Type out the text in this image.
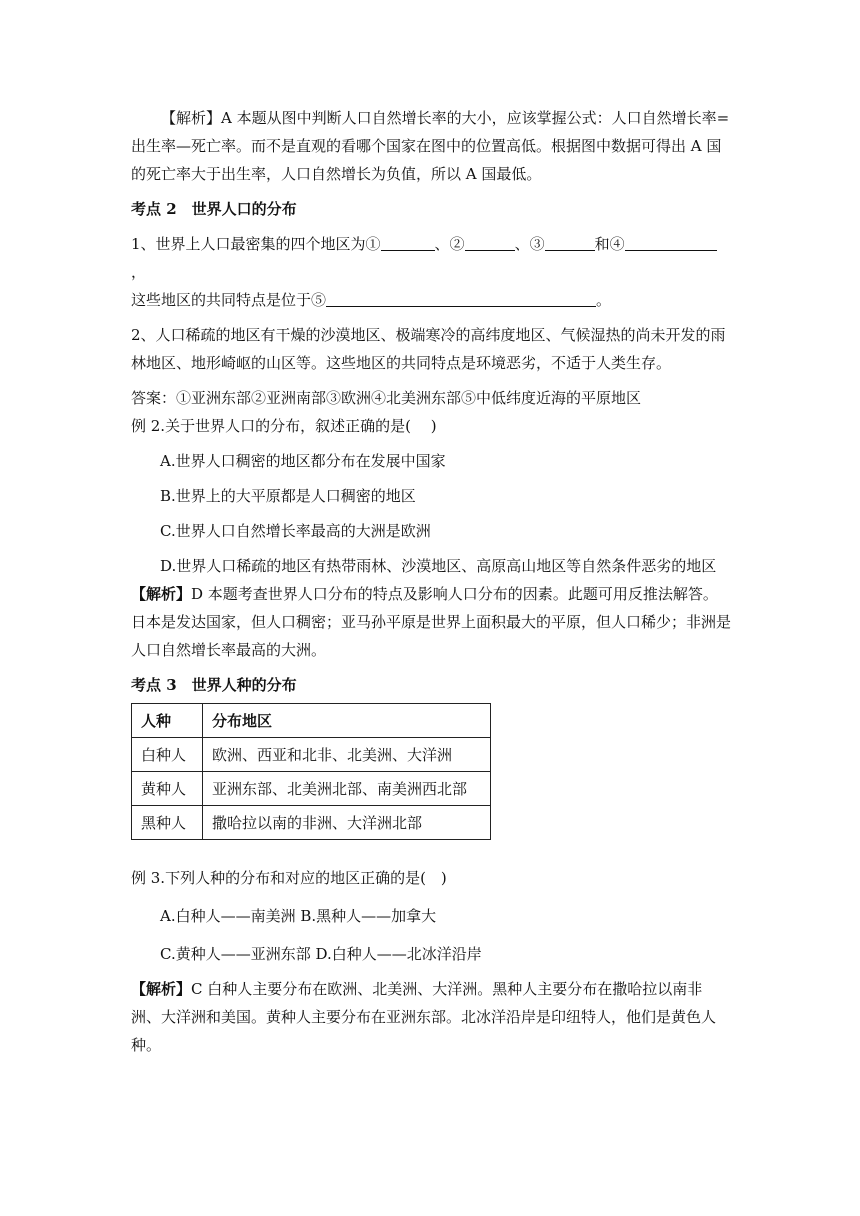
【解析】A 本题从图中判断人口自然增长率的大小，应该掌握公式：人口自然增长率=出生率—死亡率。而不是直观的看哪个国家在图中的位置高低。根据图中数据可得出 A 国的死亡率大于出生率，人口自然增长为负值，所以 A 国最低。

考点 2　世界人口的分布

1、世界上人口最密集的四个地区为①	、②	、③	和④，
这些地区的共同特点是位于⑤	。

2、人口稀疏的地区有干燥的沙漠地区、极端寒冷的高纬度地区、气候湿热的尚未开发的雨林地区、地形崎岖的山区等。这些地区的共同特点是环境恶劣，不适于人类生存。

答案：①亚洲东部②亚洲南部③欧洲④北美洲东部⑤中低纬度近海的平原地区

例 2.关于世界人口的分布，叙述正确的是(　 )

A.世界人口稠密的地区都分布在发展中国家

B.世界上的大平原都是人口稠密的地区

C.世界人口自然增长率最高的大洲是欧洲

D.世界人口稀疏的地区有热带雨林、沙漠地区、高原高山地区等自然条件恶劣的地区

【解析】D 本题考查世界人口分布的特点及影响人口分布的因素。此题可用反推法解答。日本是发达国家，但人口稠密；亚马孙平原是世界上面积最大的平原，但人口稀少；非洲是人口自然增长率最高的大洲。

考点 3　世界人种的分布

人种	分布地区
白种人	欧洲、西亚和北非、北美洲、大洋洲
黄种人	亚洲东部、北美洲北部、南美洲西北部
黑种人	撒哈拉以南的非洲、大洋洲北部

例 3.下列人种的分布和对应的地区正确的是(　)

A.白种人——南美洲 B.黑种人——加拿大

C.黄种人——亚洲东部 D.白种人——北冰洋沿岸

【解析】C 白种人主要分布在欧洲、北美洲、大洋洲。黑种人主要分布在撒哈拉以南非洲、大洋洲和美国。黄种人主要分布在亚洲东部。北冰洋沿岸是印纽特人，他们是黄色人种。
